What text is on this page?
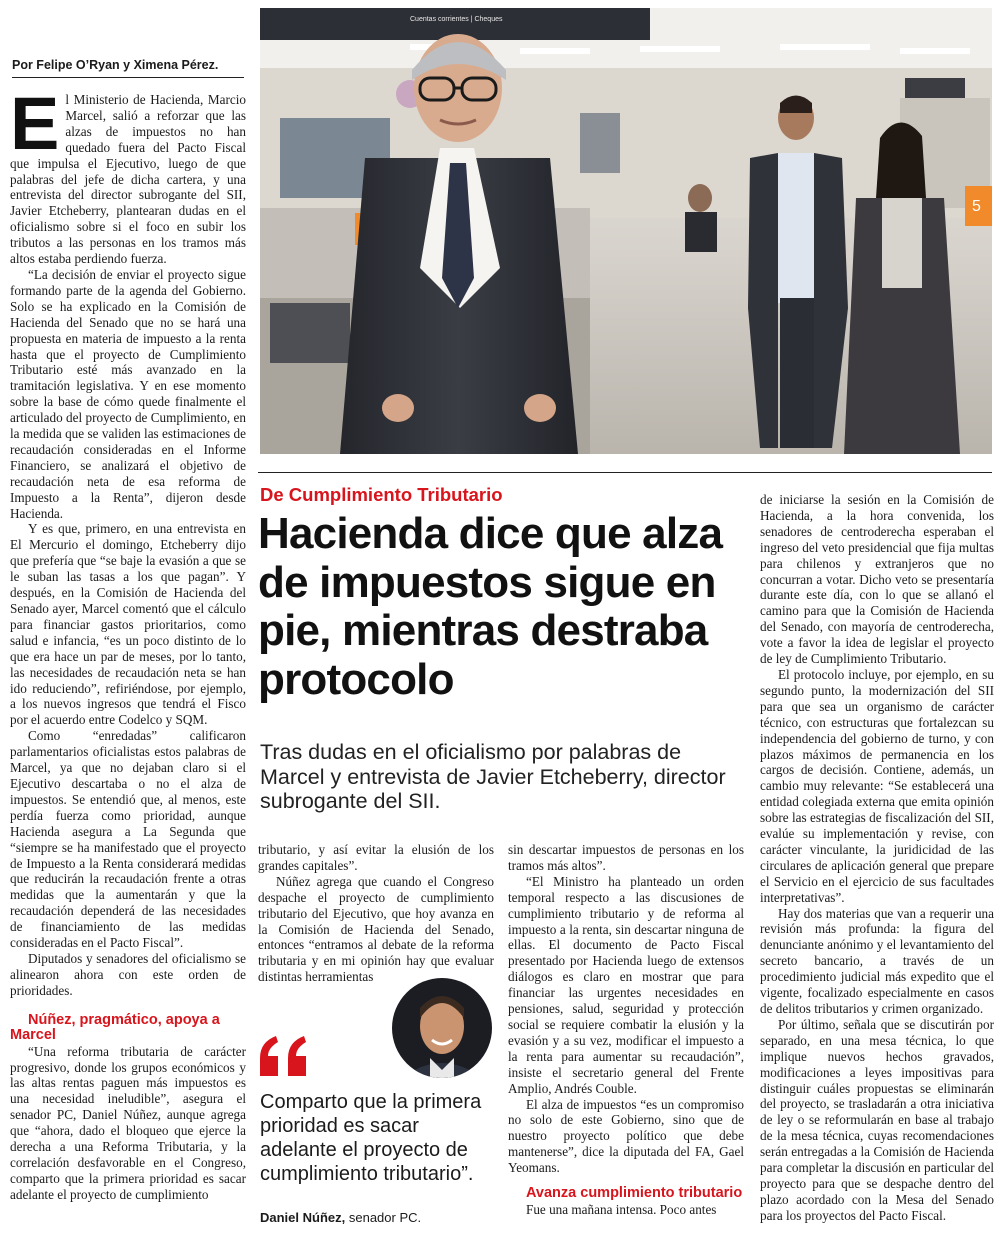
Por Felipe O’Ryan y Ximena Pérez.

El Ministerio de Hacienda, Marcio Marcel, salió a reforzar que las alzas de impuestos no han quedado fuera del Pacto Fiscal que impulsa el Ejecutivo, luego de que palabras del jefe de dicha cartera, y una entrevista del director subrogante del SII, Javier Etcheberry, plantearan dudas en el oficialismo sobre si el foco en subir los tributos a las personas en los tramos más altos estaba perdiendo fuerza.

“La decisión de enviar el proyecto sigue formando parte de la agenda del Gobierno. Solo se ha explicado en la Comisión de Hacienda del Senado que no se hará una propuesta en materia de impuesto a la renta hasta que el proyecto de Cumplimiento Tributario esté más avanzado en la tramitación legislativa. Y en ese momento sobre la base de cómo quede finalmente el articulado del proyecto de Cumplimiento, en la medida que se validen las estimaciones de recaudación consideradas en el Informe Financiero, se analizará el objetivo de recaudación neta de esa reforma de Impuesto a la Renta”, dijeron desde Hacienda.

Y es que, primero, en una entrevista en El Mercurio el domingo, Etcheberry dijo que prefería que “se baje la evasión a que se le suban las tasas a los que pagan”. Y después, en la Comisión de Hacienda del Senado ayer, Marcel comentó que el cálculo para financiar gastos prioritarios, como salud e infancia, “es un poco distinto de lo que era hace un par de meses, por lo tanto, las necesidades de recaudación neta se han ido reduciendo”, refiriéndose, por ejemplo, a los nuevos ingresos que tendrá el Fisco por el acuerdo entre Codelco y SQM.

Como “enredadas” calificaron parlamentarios oficialistas estos palabras de Marcel, ya que no dejaban claro si el Ejecutivo descartaba o no el alza de impuestos. Se entendió que, al menos, este perdía fuerza como prioridad, aunque Hacienda asegura a La Segunda que “siempre se ha manifestado que el proyecto de Impuesto a la Renta considerará medidas que reducirán la recaudación frente a otras medidas que la aumentarán y que la recaudación dependerá de las necesidades de financiamiento de las medidas consideradas en el Pacto Fiscal”.

Diputados y senadores del oficialismo se alinearon ahora con este orden de prioridades.

Núñez, pragmático, apoya a Marcel

“Una reforma tributaria de carácter progresivo, donde los grupos económicos y las altas rentas paguen más impuestos es una necesidad ineludible”, asegura el senador PC, Daniel Núñez, aunque agrega que “ahora, dado el bloqueo que ejerce la derecha a una Reforma Tributaria, y la correlación desfavorable en el Congreso, comparto que la primera prioridad es sacar adelante el proyecto de cumplimiento

Cuentas corrientes | Cheques
5
De Cumplimiento Tributario
Hacienda dice que alza de impuestos sigue en pie, mientras destraba protocolo

Tras dudas en el oficialismo por palabras de Marcel y entrevista de Javier Etcheberry, director subrogante del SII.

tributario, y así evitar la elusión de los grandes capitales”.

Núñez agrega que cuando el Congreso despache el proyecto de cumplimiento tributario del Ejecutivo, que hoy avanza en la Comisión de Hacienda del Senado, entonces “entramos al debate de la reforma tributaria y en mi opinión hay que evaluar distintas herramientas

Comparto que la primera prioridad es sacar adelante el proyecto de cumplimiento tributario”.

Daniel Núñez, senador PC.

sin descartar impuestos de personas en los tramos más altos”.

“El Ministro ha planteado un orden temporal respecto a las discusiones de cumplimiento tributario y de reforma al impuesto a la renta, sin descartar ninguna de ellas. El documento de Pacto Fiscal presentado por Hacienda luego de extensos diálogos es claro en mostrar que para financiar las urgentes necesidades en pensiones, salud, seguridad y protección social se requiere combatir la elusión y la evasión y a su vez, modificar el impuesto a la renta para aumentar su recaudación”, insiste el secretario general del Frente Amplio, Andrés Couble.

El alza de impuestos “es un compromiso no solo de este Gobierno, sino que de nuestro proyecto político que debe mantenerse”, dice la diputada del FA, Gael Yeomans.

Avanza cumplimiento tributario

Fue una mañana intensa. Poco antes

de iniciarse la sesión en la Comisión de Hacienda, a la hora convenida, los senadores de centroderecha esperaban el ingreso del veto presidencial que fija multas para chilenos y extranjeros que no concurran a votar. Dicho veto se presentaría durante este día, con lo que se allanó el camino para que la Comisión de Hacienda del Senado, con mayoría de centroderecha, vote a favor la idea de legislar el proyecto de ley de Cumplimiento Tributario.

El protocolo incluye, por ejemplo, en su segundo punto, la modernización del SII para que sea un organismo de carácter técnico, con estructuras que fortalezcan su independencia del gobierno de turno, y con plazos máximos de permanencia en los cargos de decisión. Contiene, además, un cambio muy relevante: “Se establecerá una entidad colegiada externa que emita opinión sobre las estrategias de fiscalización del SII, evalúe su implementación y revise, con carácter vinculante, la juridicidad de las circulares de aplicación general que prepare el Servicio en el ejercicio de sus facultades interpretativas”.

Hay dos materias que van a requerir una revisión más profunda: la figura del denunciante anónimo y el levantamiento del secreto bancario, a través de un procedimiento judicial más expedito que el vigente, focalizado especialmente en casos de delitos tributarios y crimen organizado.

Por último, señala que se discutirán por separado, en una mesa técnica, lo que implique nuevos hechos gravados, modificaciones a leyes impositivas para distinguir cuáles propuestas se eliminarán del proyecto, se trasladarán a otra iniciativa de ley o se reformularán en base al trabajo de la mesa técnica, cuyas recomendaciones serán entregadas a la Comisión de Hacienda para completar la discusión en particular del proyecto para que se despache dentro del plazo acordado con la Mesa del Senado para los proyectos del Pacto Fiscal.
